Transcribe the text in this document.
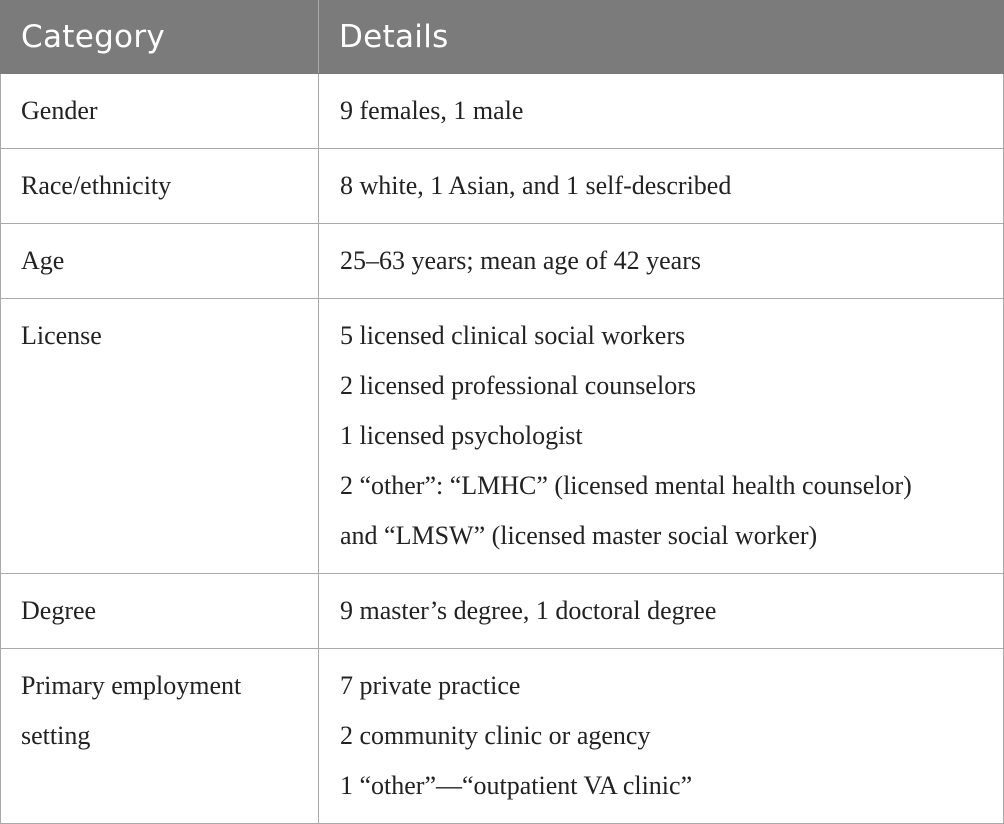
Category	Details

Gender	9 females, 1 male

Race/ethnicity	8 white, 1 Asian, and 1 self-described

Age	25–63 years; mean age of 42 years

License	5 licensed clinical social workers
2 licensed professional counselors
1 licensed psychologist
2 “other”: “LMHC” (licensed mental health counselor)
and “LMSW” (licensed master social worker)

Degree	9 master’s degree, 1 doctoral degree

Primary employment
setting	7 private practice
2 community clinic or agency
1 “other”—“outpatient VA clinic”
